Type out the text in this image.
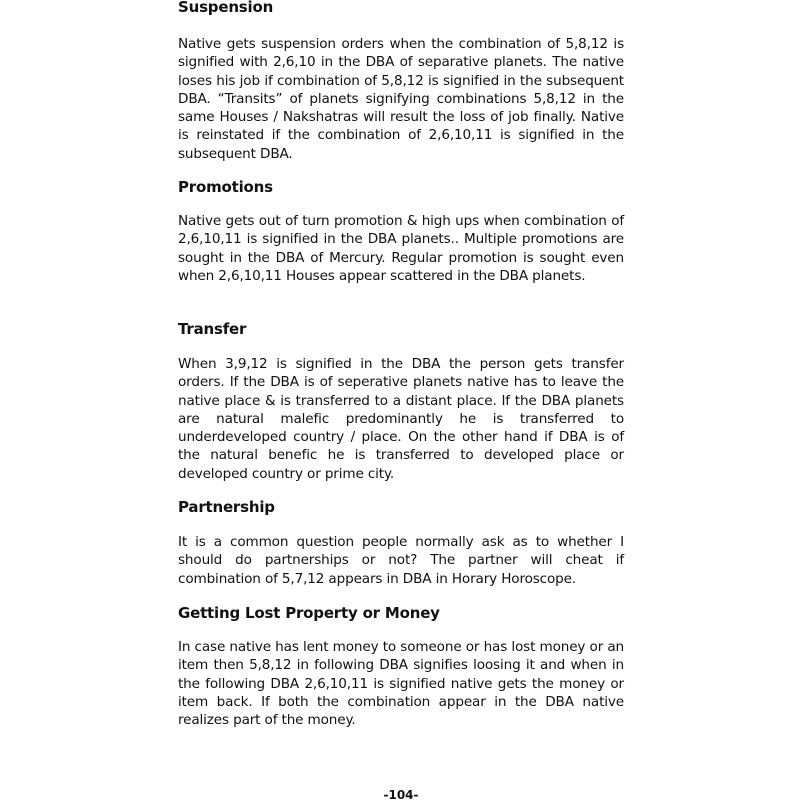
Suspension

Native gets suspension orders when the combination of 5,8,12 is signified with 2,6,10 in the DBA of separative planets. The native loses his job if combination of 5,8,12 is signified in the subsequent DBA. “Transits” of planets signifying combinations 5,8,12 in the same Houses / Nakshatras will result the loss of job finally. Native is reinstated if the combination of 2,6,10,11 is signified in the subsequent DBA.

Promotions

Native gets out of turn promotion & high ups when combination of 2,6,10,11 is signified in the DBA planets.. Multiple promotions are sought in the DBA of Mercury. Regular promotion is sought even when 2,6,10,11 Houses appear scattered in the DBA planets.

Transfer

When 3,9,12 is signified in the DBA the person gets transfer orders. If the DBA is of seperative planets native has to leave the native place & is transferred to a distant place. If the DBA planets are natural malefic predominantly he is transferred to underdeveloped country / place. On the other hand if DBA is of the natural benefic he is transferred to developed place or developed country or prime city.

Partnership

It is a common question people normally ask as to whether I should do partnerships or not? The partner will cheat if combination of 5,7,12 appears in DBA in Horary Horoscope.

Getting Lost Property or Money

In case native has lent money to someone or has lost money or an item then 5,8,12 in following DBA signifies loosing it and when in the following DBA 2,6,10,11 is signified native gets the money or item back. If both the combination appear in the DBA native realizes part of the money.

-104-
